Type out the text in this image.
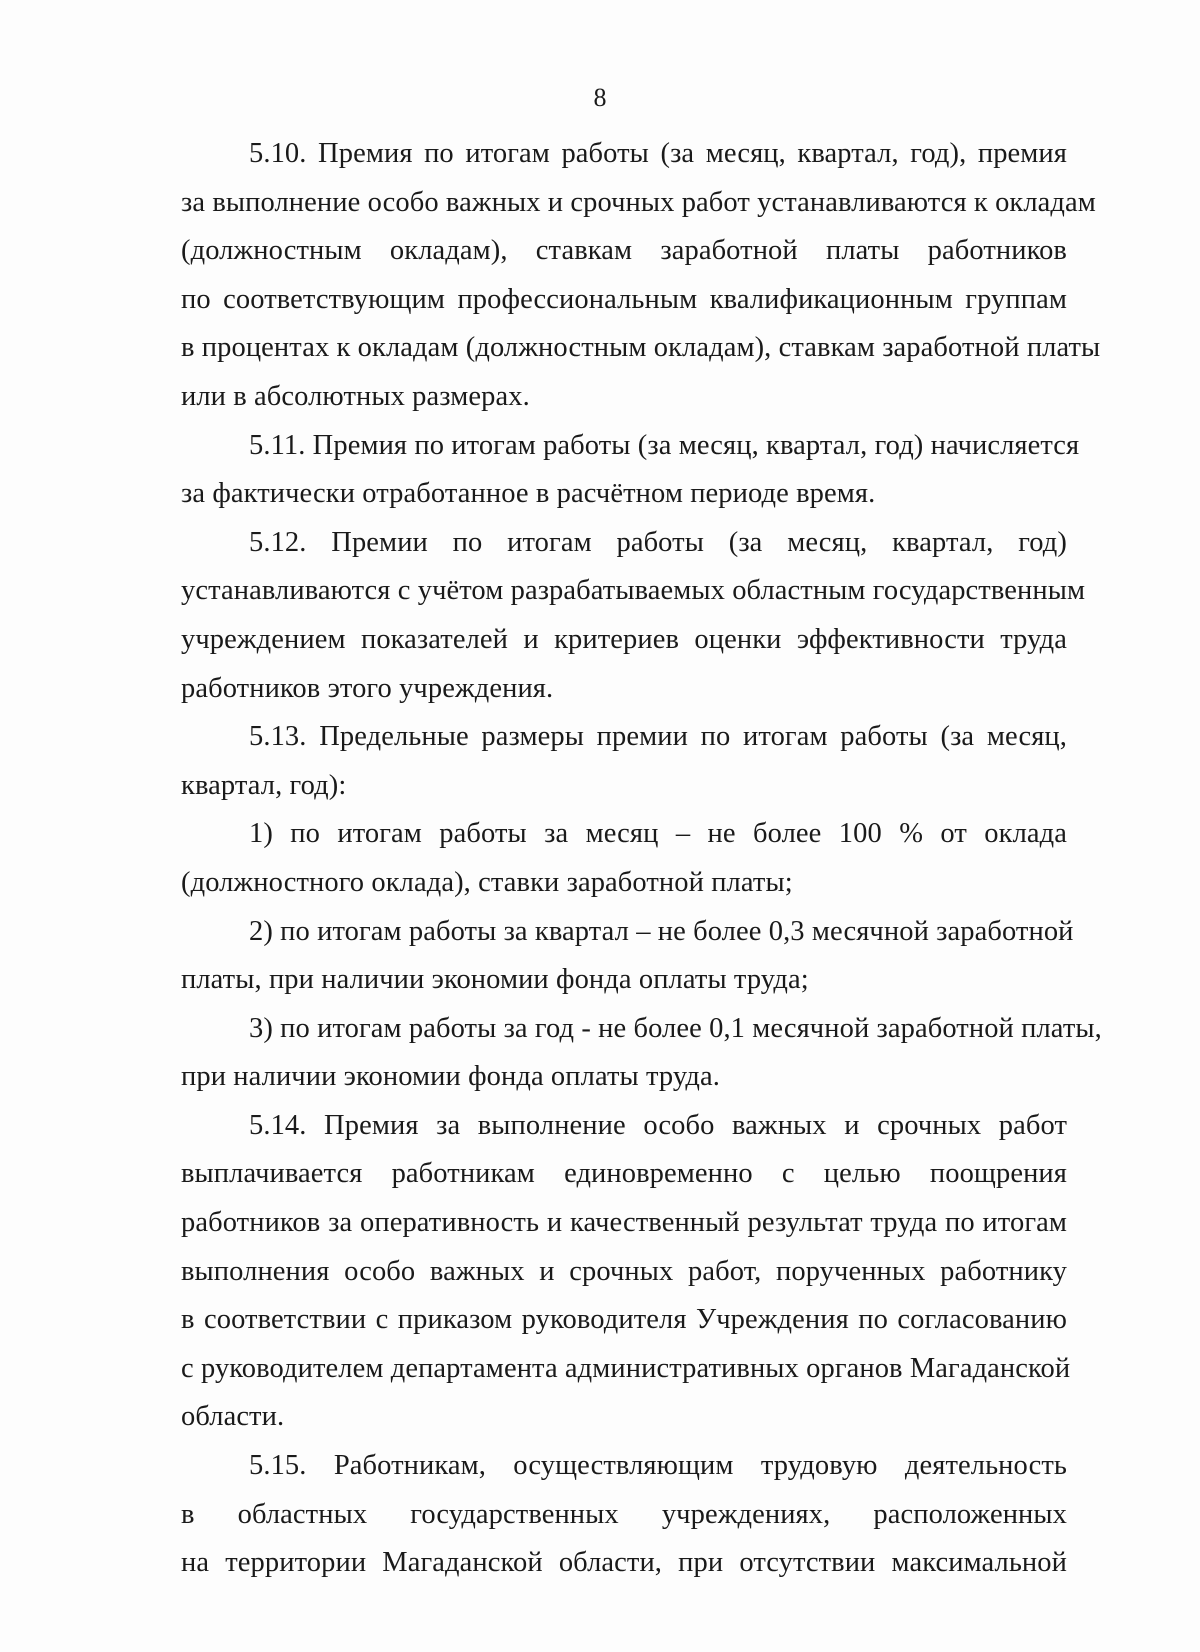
8
5.10. Премия по итогам работы (за месяц, квартал, год), премия
за выполнение особо важных и срочных работ устанавливаются к окладам
(должностным окладам), ставкам заработной платы работников
по соответствующим профессиональным квалификационным группам
в процентах к окладам (должностным окладам), ставкам заработной платы
или в абсолютных размерах.
5.11. Премия по итогам работы (за месяц, квартал, год) начисляется
за фактически отработанное в расчётном периоде время.
5.12. Премии по итогам работы (за месяц, квартал, год)
устанавливаются с учётом разрабатываемых областным государственным
учреждением показателей и критериев оценки эффективности труда
работников этого учреждения.
5.13. Предельные размеры премии по итогам работы (за месяц,
квартал, год):
1) по итогам работы за месяц – не более 100 % от оклада
(должностного оклада), ставки заработной платы;
2) по итогам работы за квартал – не более 0,3 месячной заработной
платы, при наличии экономии фонда оплаты труда;
3) по итогам работы за год - не более 0,1 месячной заработной платы,
при наличии экономии фонда оплаты труда.
5.14. Премия за выполнение особо важных и срочных работ
выплачивается работникам единовременно с целью поощрения
работников за оперативность и качественный результат труда по итогам
выполнения особо важных и срочных работ, порученных работнику
в соответствии с приказом руководителя Учреждения по согласованию
с руководителем департамента административных органов Магаданской
области.
5.15. Работникам, осуществляющим трудовую деятельность
в областных государственных учреждениях, расположенных
на территории Магаданской области, при отсутствии максимальной
